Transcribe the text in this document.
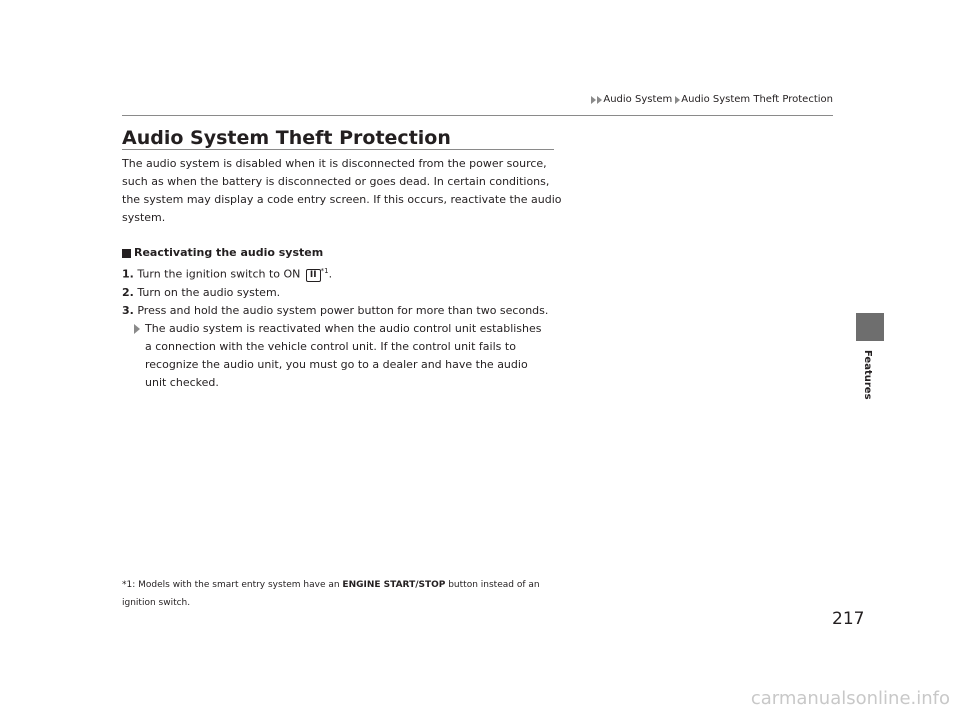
Audio System Audio System Theft Protection
Features
Audio System Theft Protection

The audio system is disabled when it is disconnected from the power source, such as when the battery is disconnected or goes dead. In certain conditions, the system may display a code entry screen. If this occurs, reactivate the audio system.

Reactivating the audio system

1. Turn the ignition switch to ON II $^{*1}$.

2. Turn on the audio system.

3. Press and hold the audio system power button for more than two seconds.

The audio system is reactivated when the audio control unit establishes a connection with the vehicle control unit. If the control unit fails to recognize the audio unit, you must go to a dealer and have the audio unit checked.
*1: Models with the smart entry system have an ENGINE START/STOP button instead of an ignition switch.
217
carmanualsonline.info
